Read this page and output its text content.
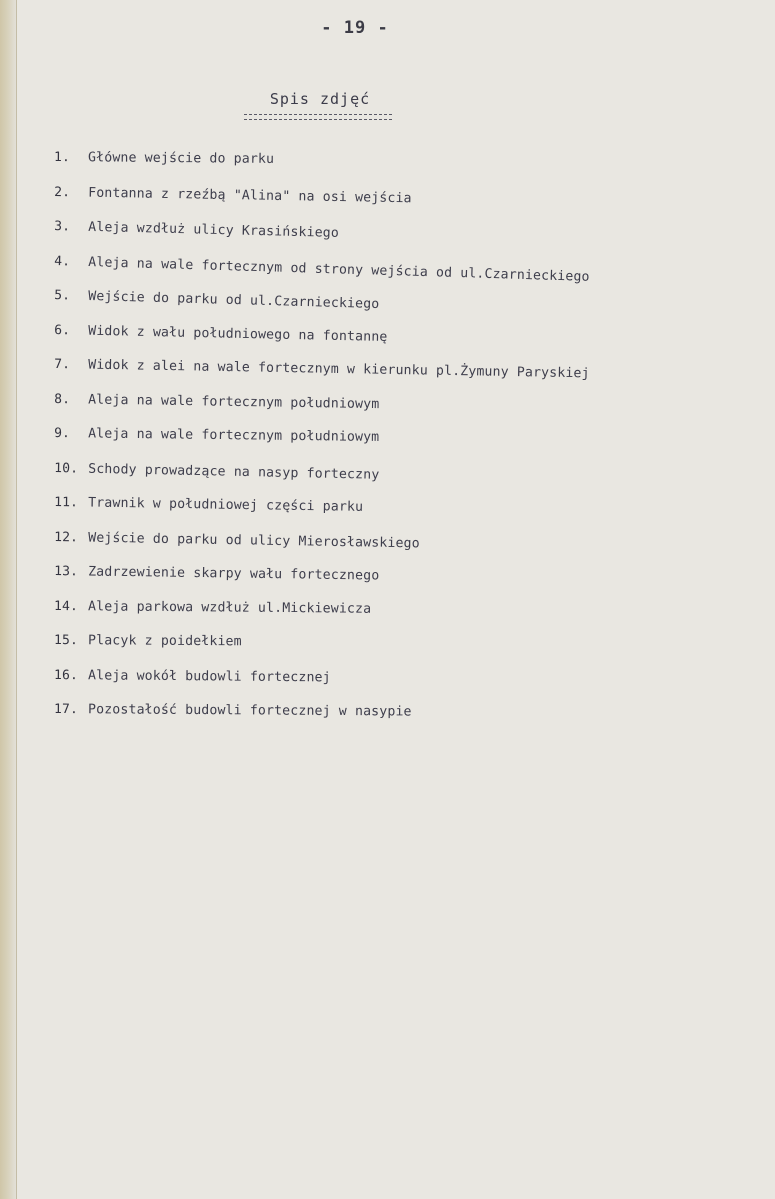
- 19 -
Spis zdjęć
1. Główne wejście do parku
2. Fontanna z rzeźbą "Alina" na osi wejścia
3. Aleja wzdłuż ulicy Krasińskiego
4. Aleja na wale fortecznym od strony wejścia od ul.Czarnieckiego
5. Wejście do parku od ul.Czarnieckiego
6. Widok z wału południowego na fontannę
7. Widok z alei na wale fortecznym w kierunku pl.Żymuny Paryskiej
8. Aleja na wale fortecznym południowym
9. Aleja na wale fortecznym południowym
10. Schody prowadzące na nasyp forteczny
11. Trawnik w południowej części parku
12. Wejście do parku od ulicy Mierosławskiego
13. Zadrzewienie skarpy wału fortecznego
14. Aleja parkowa wzdłuż ul.Mickiewicza
15. Placyk z poidełkiem
16. Aleja wokół budowli fortecznej
17. Pozostałość budowli fortecznej w nasypie
